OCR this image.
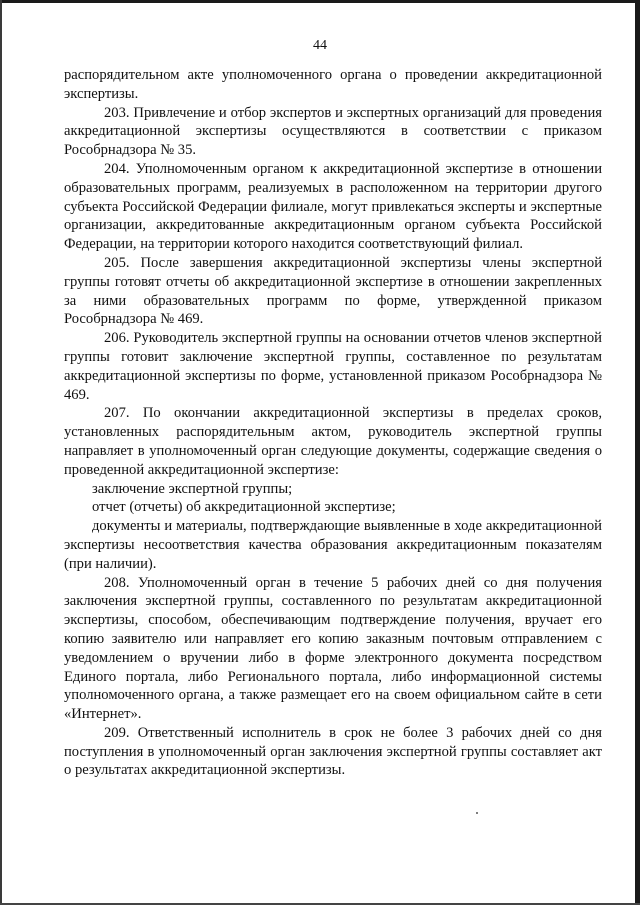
44

распорядительном акте уполномоченного органа о проведении аккредитационной экспертизы.

203. Привлечение и отбор экспертов и экспертных организаций для проведения аккредитационной экспертизы осуществляются в соответствии с приказом Рособрнадзора № 35.

204. Уполномоченным органом к аккредитационной экспертизе в отношении образовательных программ, реализуемых в расположенном на территории другого субъекта Российской Федерации филиале, могут привлекаться эксперты и экспертные организации, аккредитованные аккредитационным органом субъекта Российской Федерации, на территории которого находится соответствующий филиал.

205. После завершения аккредитационной экспертизы члены экспертной группы готовят отчеты об аккредитационной экспертизе в отношении закрепленных за ними образовательных программ по форме, утвержденной приказом Рособрнадзора № 469.

206. Руководитель экспертной группы на основании отчетов членов экспертной группы готовит заключение экспертной группы, составленное по результатам аккредитационной экспертизы по форме, установленной приказом Рособрнадзора № 469.

207. По окончании аккредитационной экспертизы в пределах сроков, установленных распорядительным актом, руководитель экспертной группы направляет в уполномоченный орган следующие документы, содержащие сведения о проведенной аккредитационной экспертизе:

заключение экспертной группы;

отчет (отчеты) об аккредитационной экспертизе;

документы и материалы, подтверждающие выявленные в ходе аккредитационной экспертизы несоответствия качества образования аккредитационным показателям (при наличии).

208. Уполномоченный орган в течение 5 рабочих дней со дня получения заключения экспертной группы, составленного по результатам аккредитационной экспертизы, способом, обеспечивающим подтверждение получения, вручает его копию заявителю или направляет его копию заказным почтовым отправлением с уведомлением о вручении либо в форме электронного документа посредством Единого портала, либо Регионального портала, либо информационной системы уполномоченного органа, а также размещает его на своем официальном сайте в сети «Интернет».

209. Ответственный исполнитель в срок не более 3 рабочих дней со дня поступления в уполномоченный орган заключения экспертной группы составляет акт о результатах аккредитационной экспертизы.
